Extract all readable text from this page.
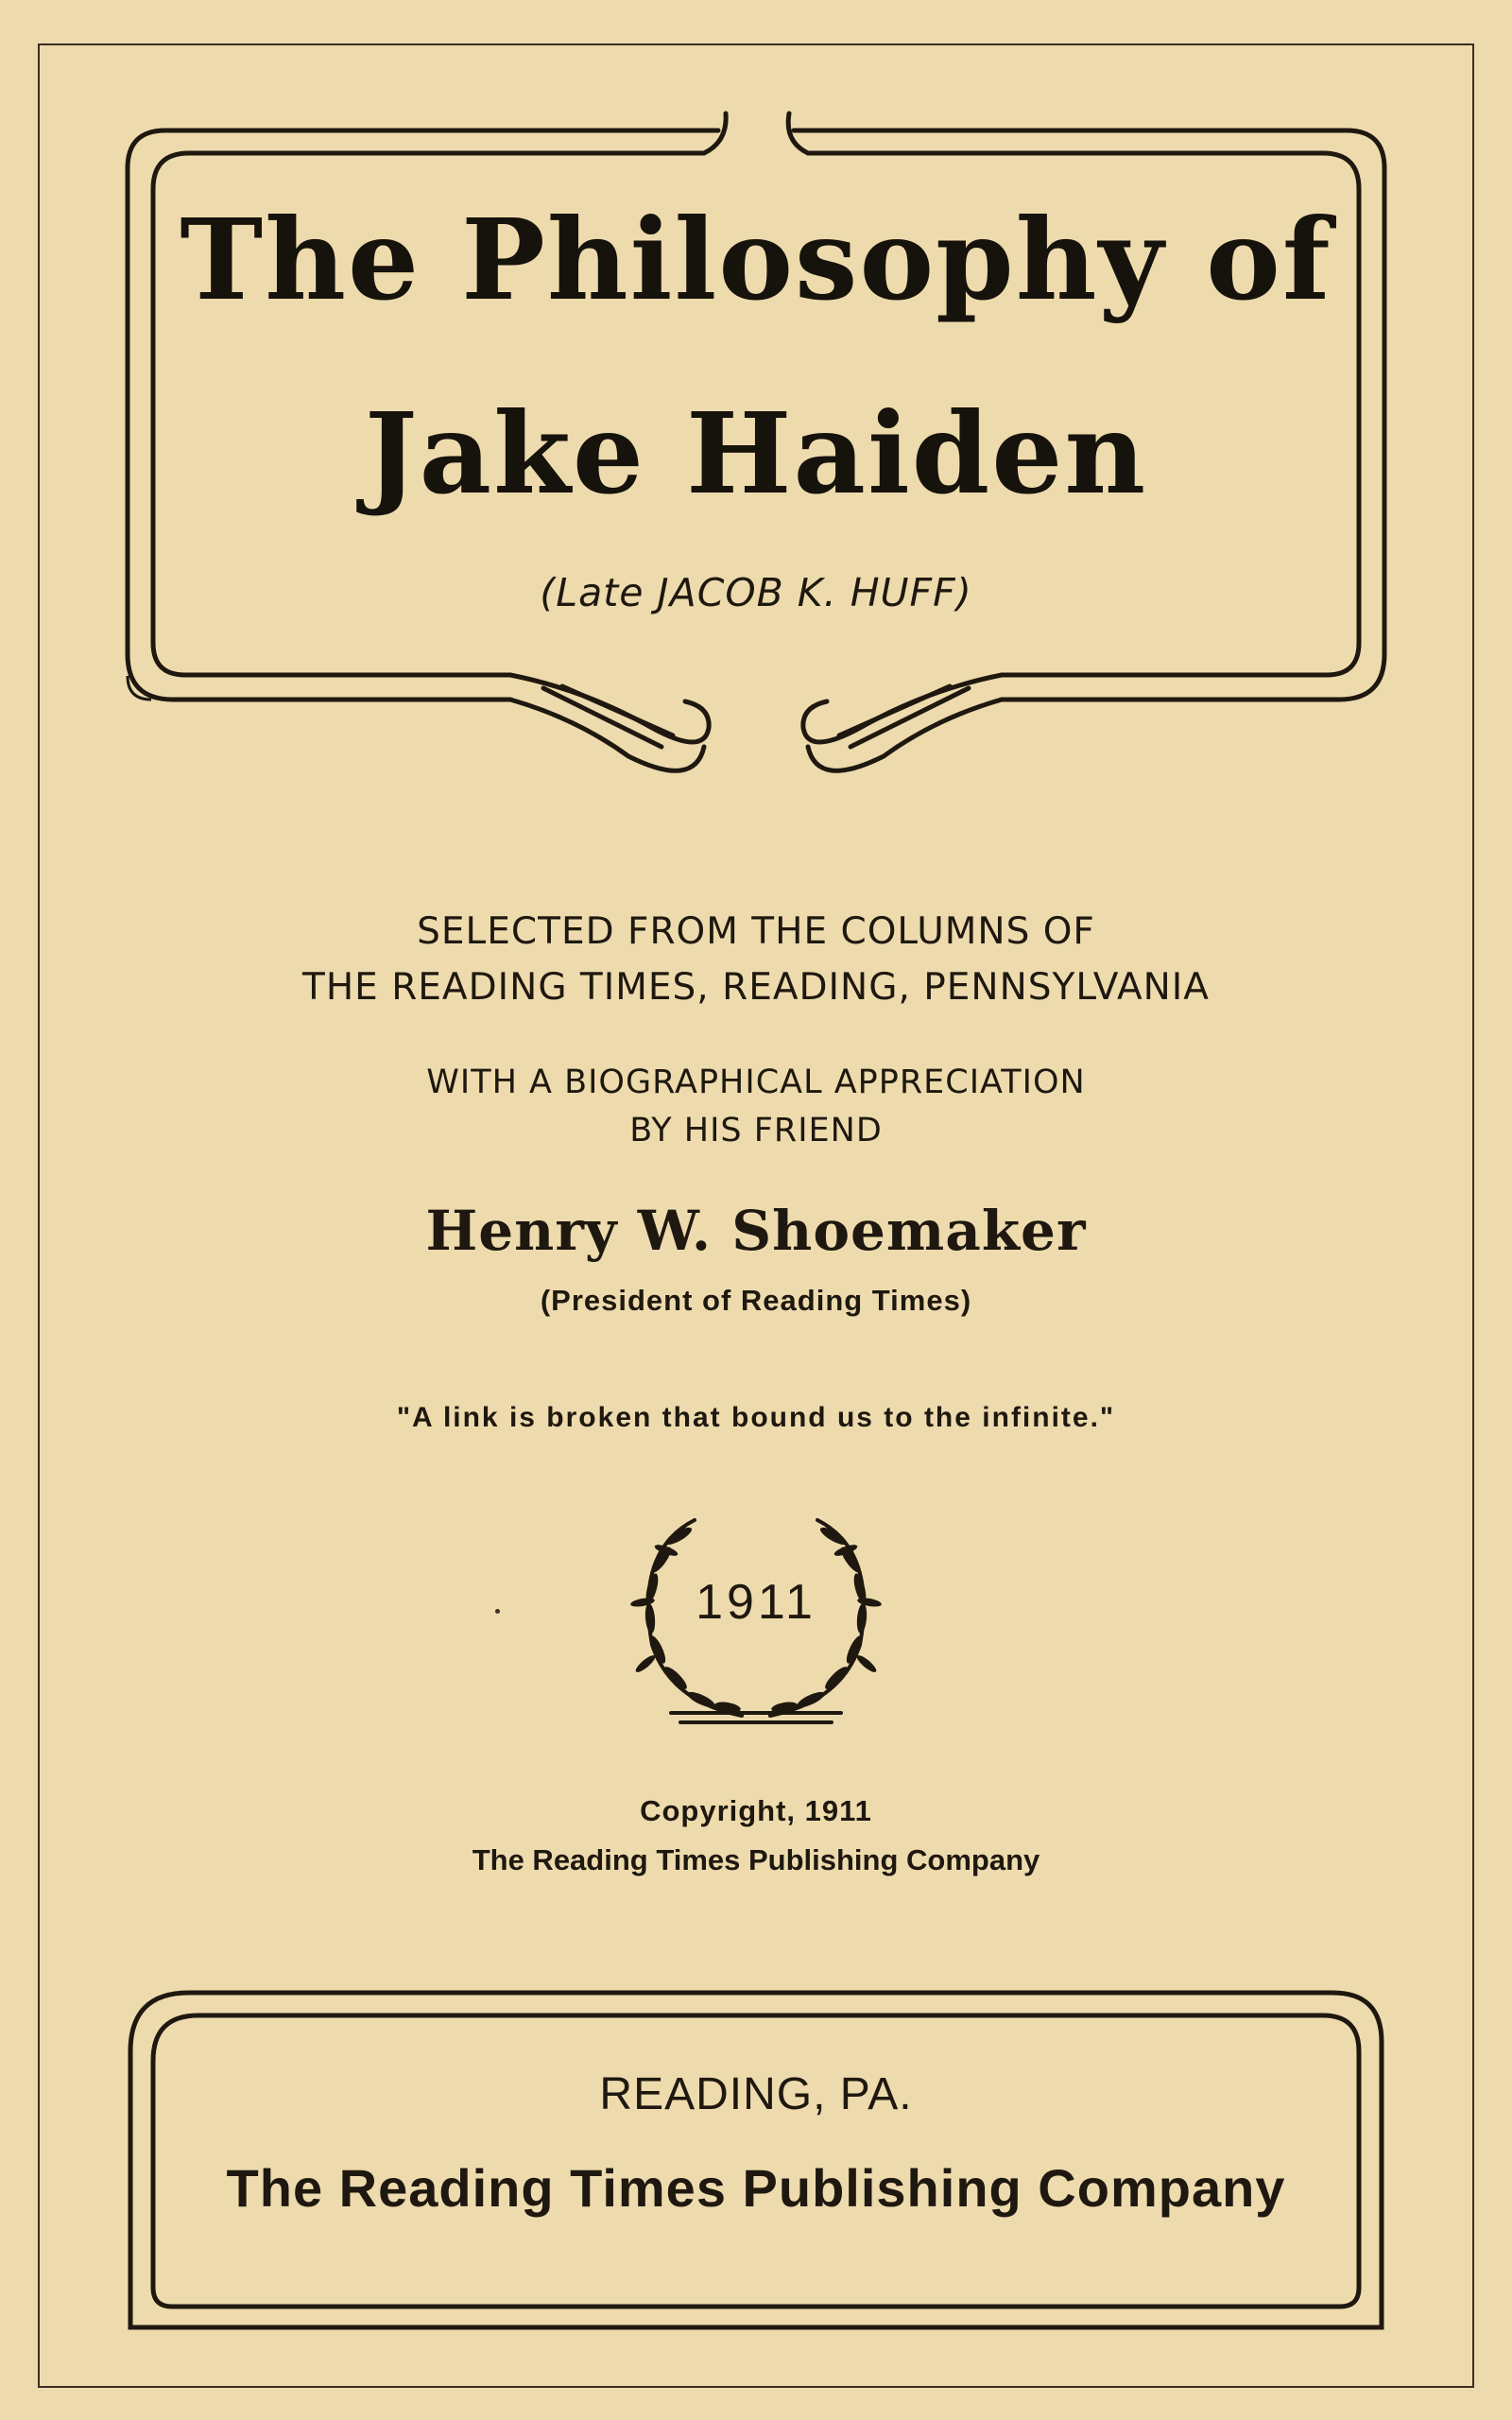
The Philosophy of
Jake Haiden
(Late JACOB K. HUFF)
SELECTED FROM THE COLUMNS OF
THE READING TIMES, READING, PENNSYLVANIA
WITH A BIOGRAPHICAL APPRECIATION
BY HIS FRIEND
Henry W. Shoemaker
(President of Reading Times)
"A link is broken that bound us to the infinite."
1911
Copyright, 1911
The Reading Times Publishing Company
READING, PA.
The Reading Times Publishing Company
